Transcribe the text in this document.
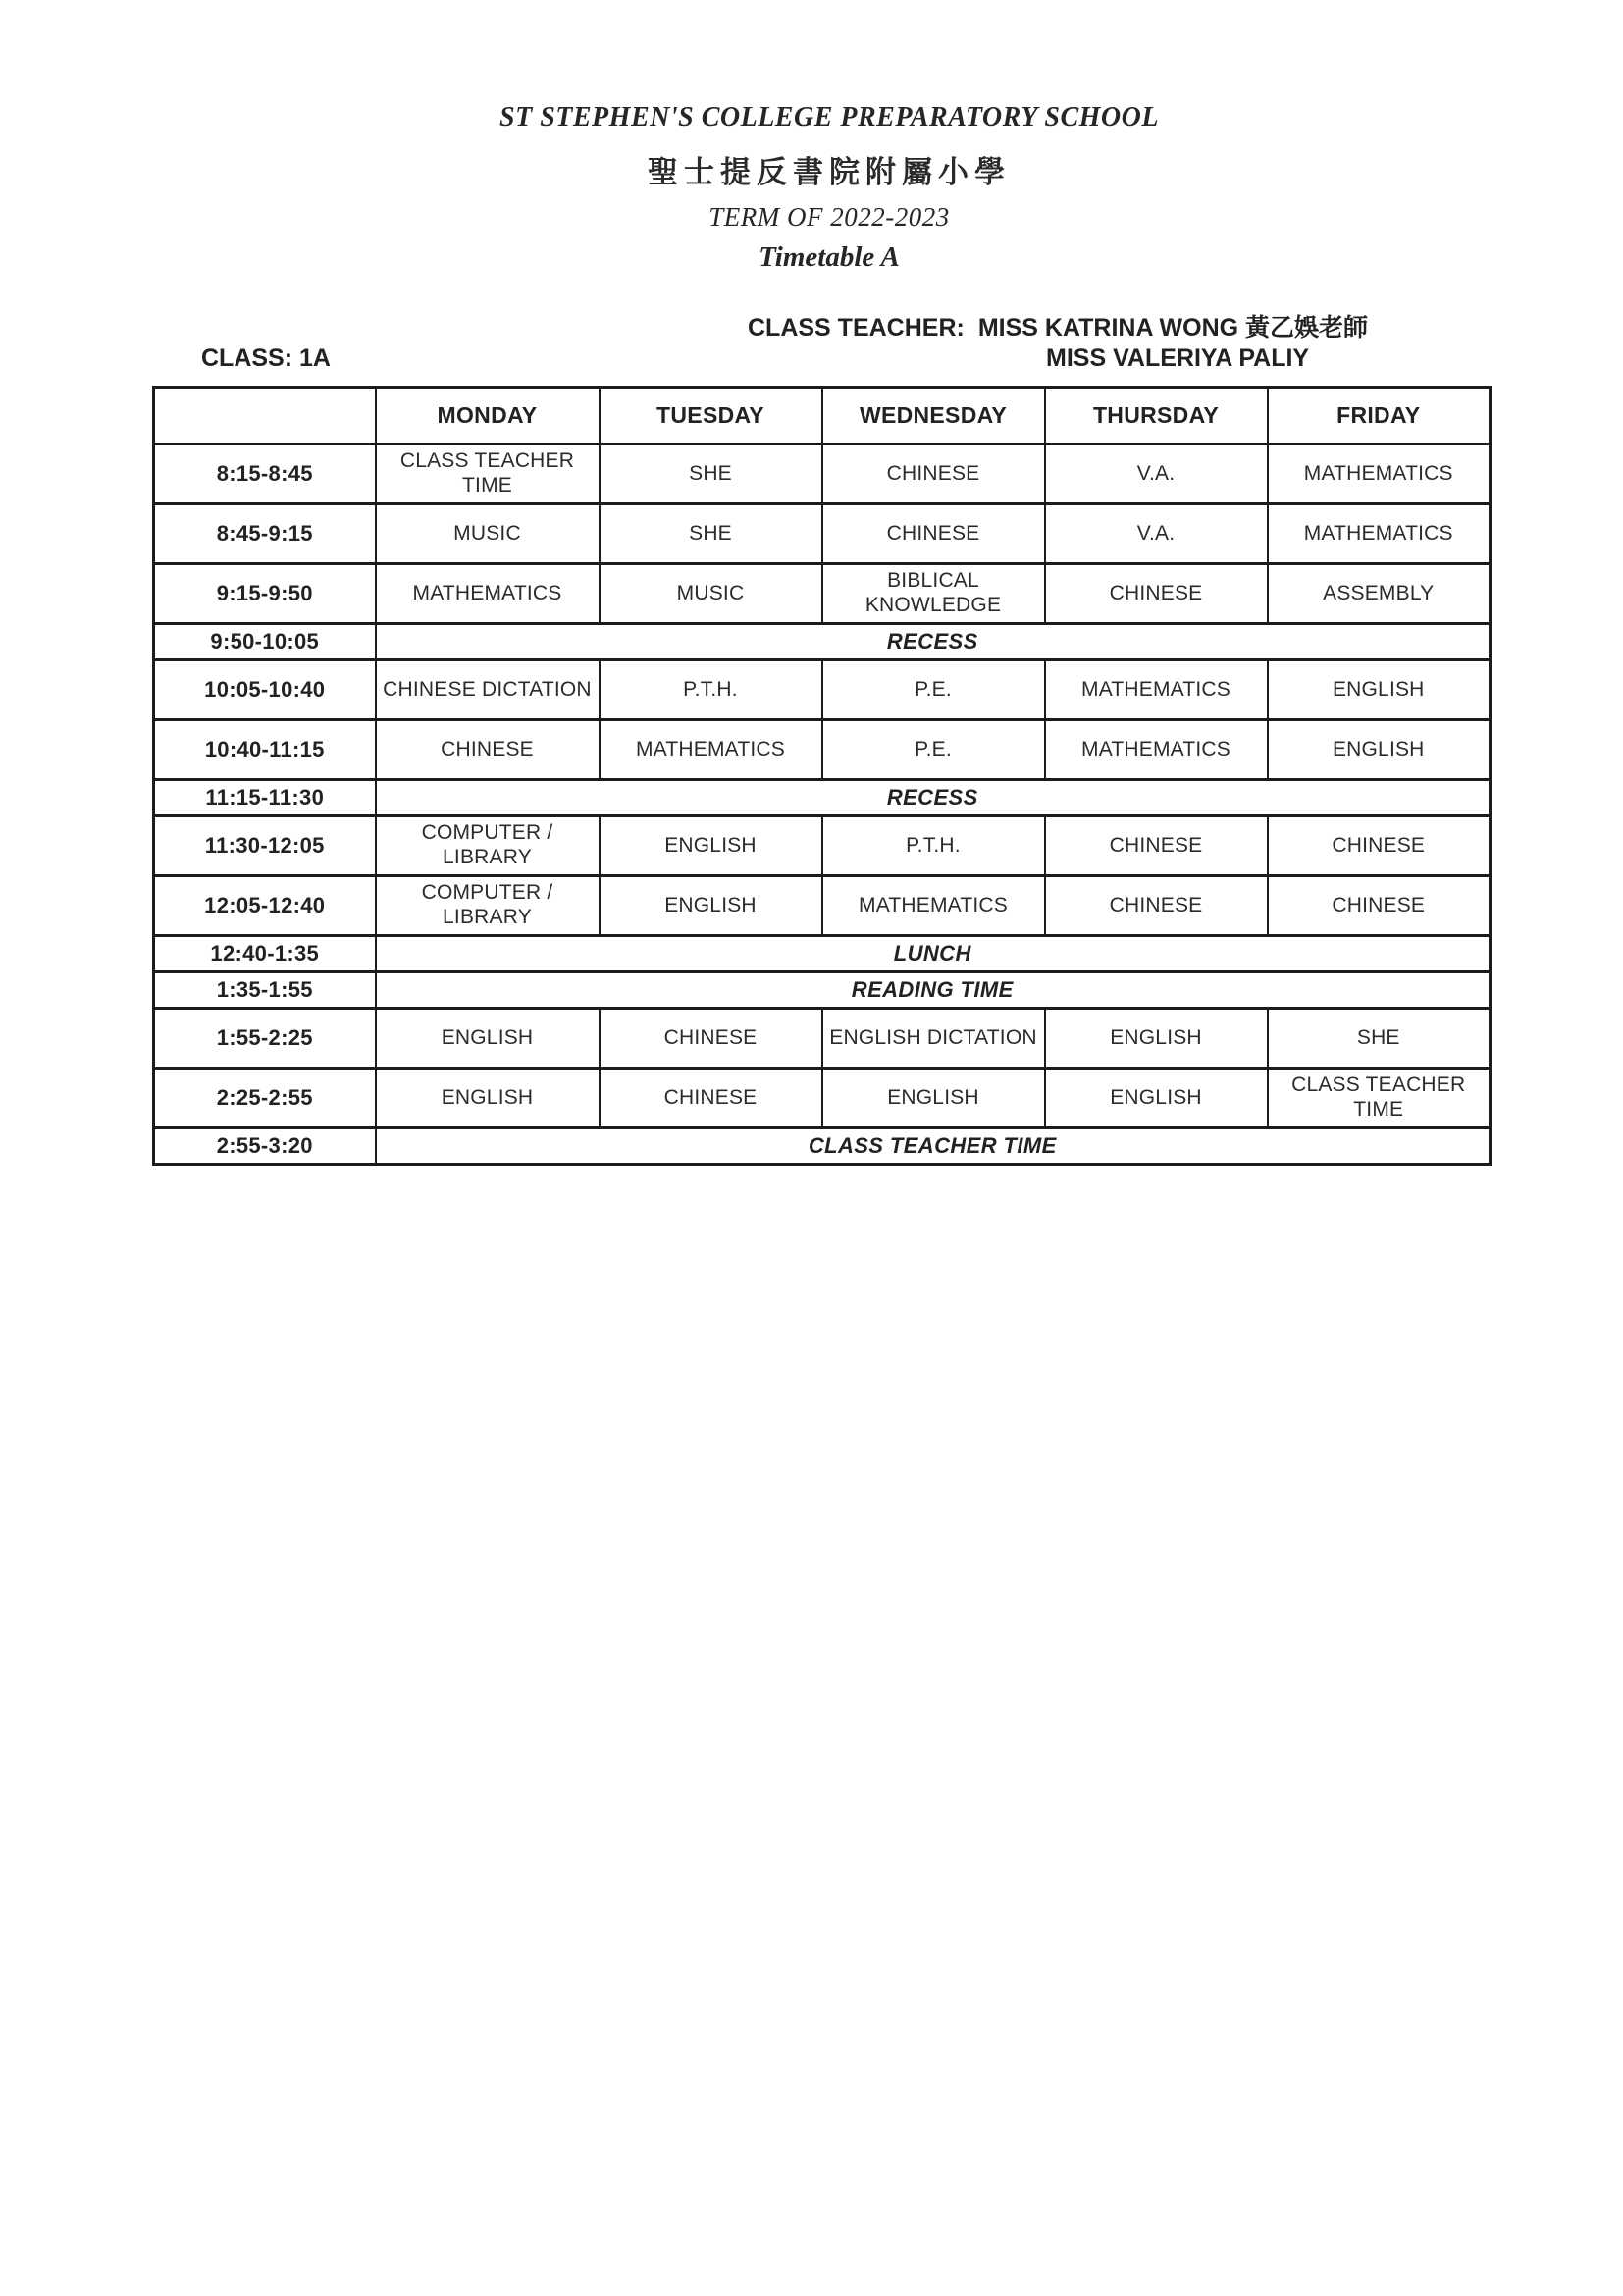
ST STEPHEN'S COLLEGE PREPARATORY SCHOOL
聖士提反書院附屬小學
TERM OF 2022-2023
Timetable A
CLASS TEACHER: MISS KATRINA WONG 黃乙娛老師
CLASS: 1A	MISS VALERIYA PALIY
	MONDAY	TUESDAY	WEDNESDAY	THURSDAY	FRIDAY
8:15-8:45	CLASS TEACHER TIME	SHE	CHINESE	V.A.	MATHEMATICS
8:45-9:15	MUSIC	SHE	CHINESE	V.A.	MATHEMATICS
9:15-9:50	MATHEMATICS	MUSIC	BIBLICAL KNOWLEDGE	CHINESE	ASSEMBLY
9:50-10:05	RECESS				
10:05-10:40	CHINESE DICTATION	P.T.H.	P.E.	MATHEMATICS	ENGLISH
10:40-11:15	CHINESE	MATHEMATICS	P.E.	MATHEMATICS	ENGLISH
11:15-11:30	RECESS				
11:30-12:05	COMPUTER / LIBRARY	ENGLISH	P.T.H.	CHINESE	CHINESE
12:05-12:40	COMPUTER / LIBRARY	ENGLISH	MATHEMATICS	CHINESE	CHINESE
12:40-1:35	LUNCH				
1:35-1:55	READING TIME				
1:55-2:25	ENGLISH	CHINESE	ENGLISH DICTATION	ENGLISH	SHE
2:25-2:55	ENGLISH	CHINESE	ENGLISH	ENGLISH	CLASS TEACHER TIME
2:55-3:20	CLASS TEACHER TIME				
